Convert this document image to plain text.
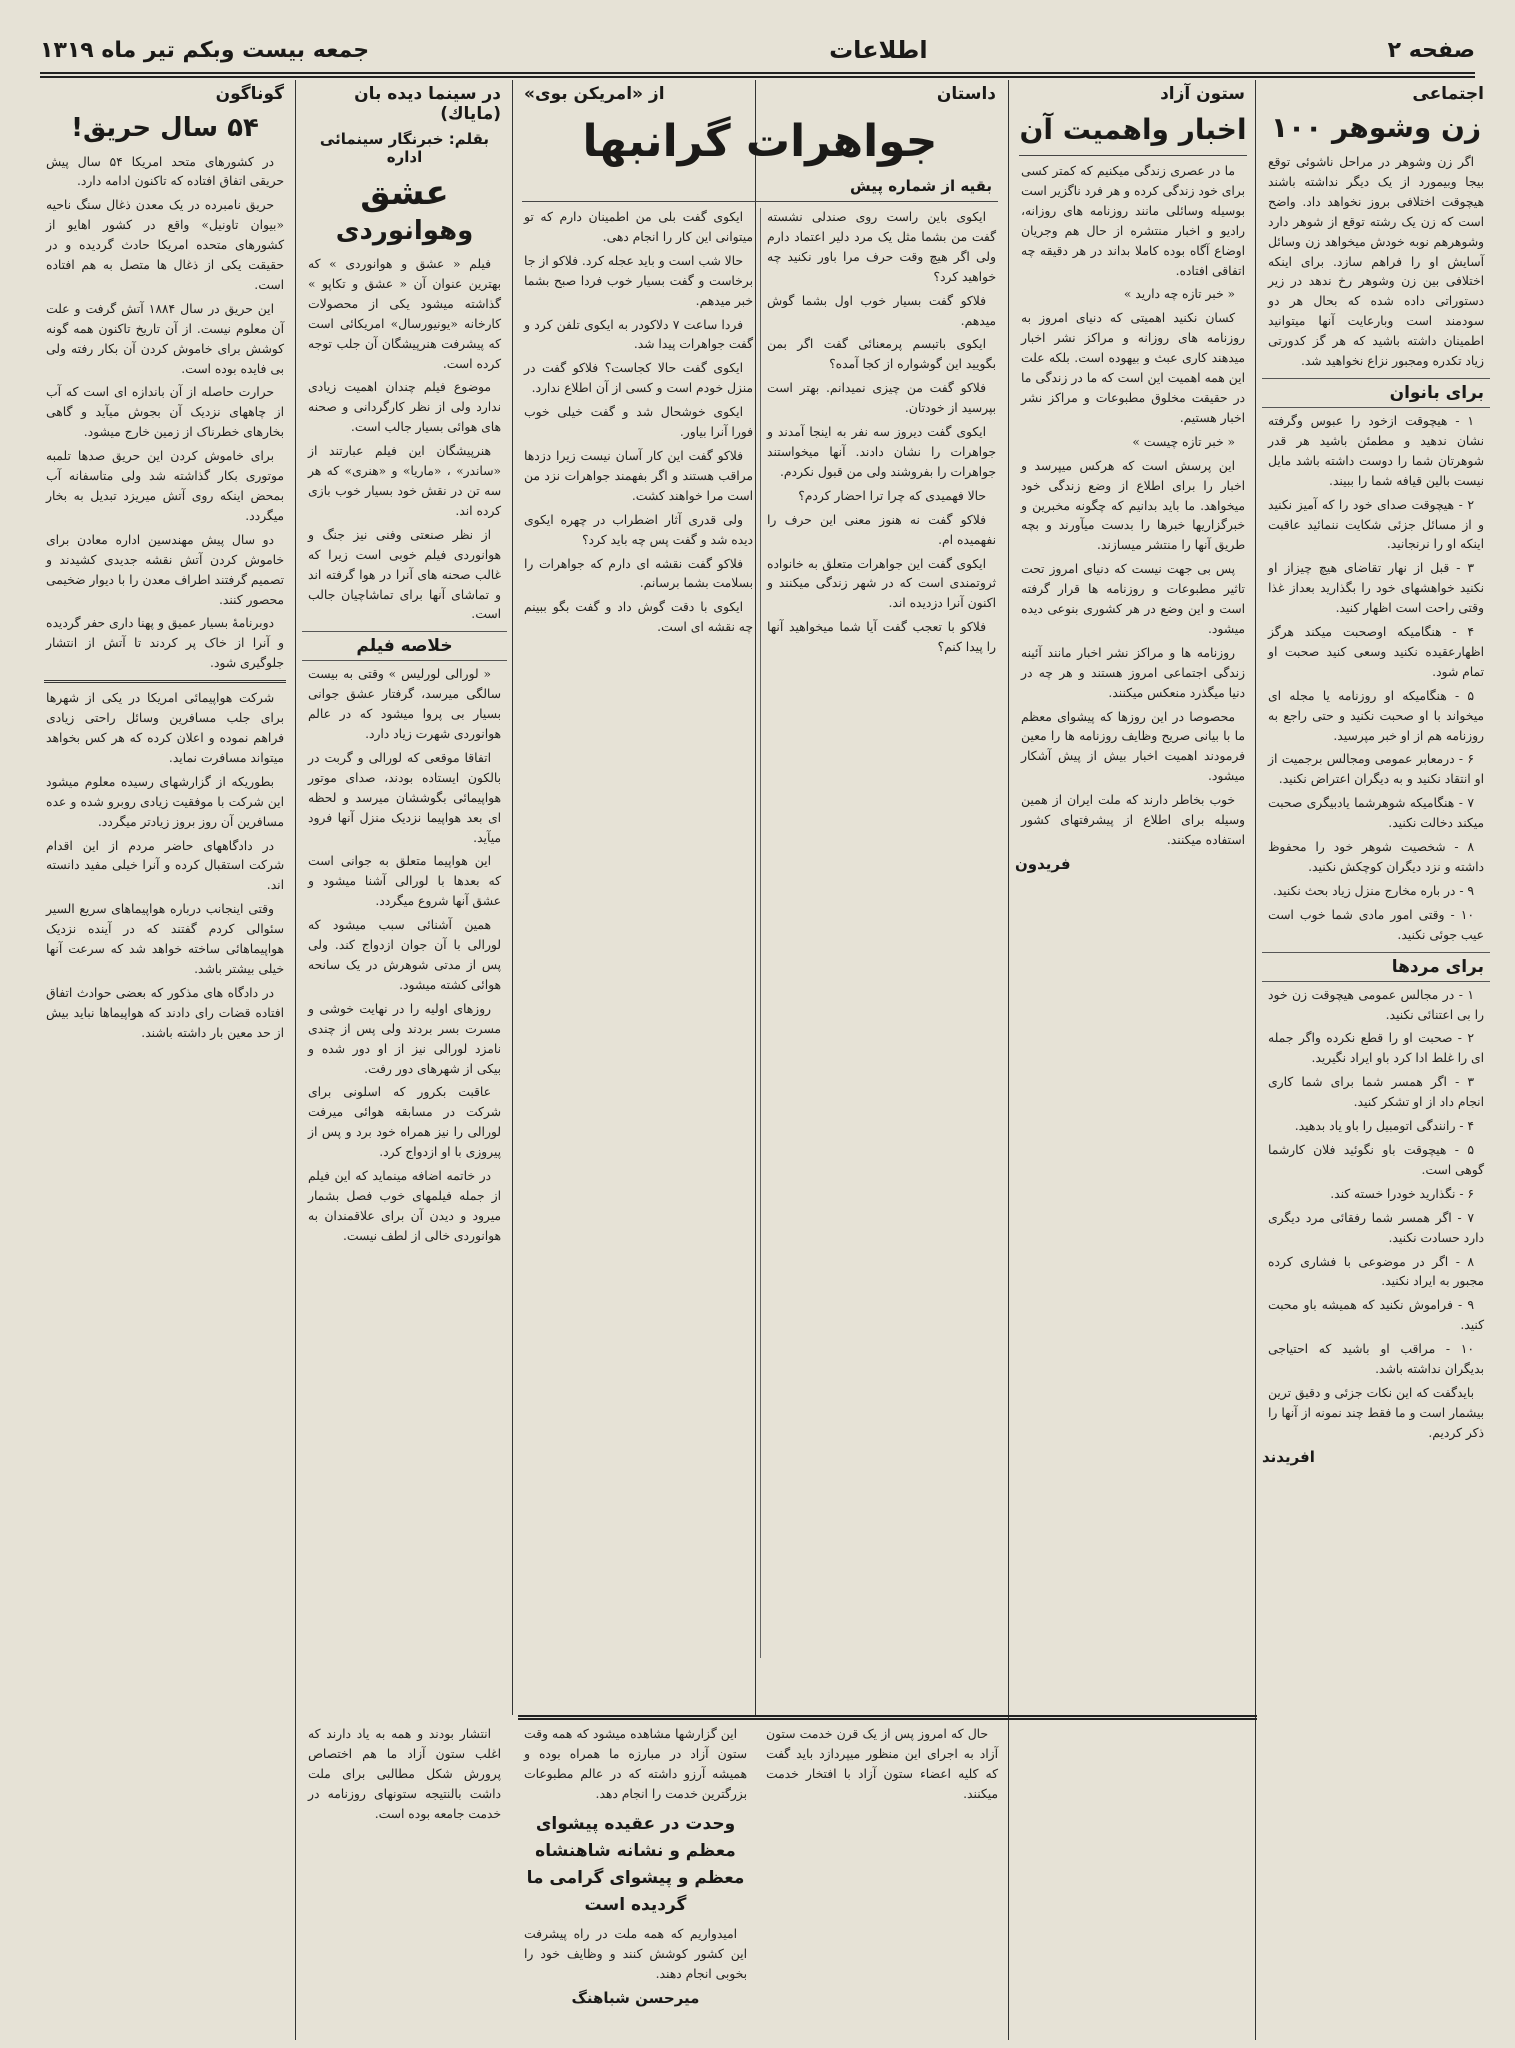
صفحه ۲
اطلاعات
جمعه بیست وبکم تیر ماه ۱۳۱۹
اجتماعی
زن وشوهر ۱۰۰

اگر زن وشوهر در مراحل ناشوئی توقع بیجا وبیمورد از یک دیگر نداشته باشند هیچوقت اختلافی بروز نخواهد داد. واضح است که زن یک رشته توقع از شوهر دارد وشوهرهم نوبه خودش میخواهد زن وسائل آسایش او را فراهم سازد. برای اینکه اختلافی بین زن وشوهر رخ ندهد در زیر دستوراتی داده شده که بحال هر دو سودمند است وبارعایت آنها میتوانید اطمینان داشته باشید که هر گز کدورتی زیاد تکدره ومجبور نزاع نخواهید شد.

برای بانوان

۱ - هیچوقت ازخود را عبوس وگرفته نشان ندهید و مطمئن باشید هر قدر شوهرتان شما را دوست داشته باشد مایل نیست بالین قیافه شما را ببیند.

۲ - هیچوقت صدای خود را که آمیز نکنید و از مسائل جزئی شکایت ننمائید عاقبت اینکه او را نرنجانید.

۳ - قبل از نهار تقاضای هیچ چیزاز او نکنید خواهشهای خود را بگذارید بعداز غذا وقتی راحت است اظهار کنید.

۴ - هنگامیکه اوصحبت میکند هرگز اظهارعقیده نکنید وسعی کنید صحبت او تمام شود.

۵ - هنگامیکه او روزنامه یا مجله ای میخواند با او صحبت نکنید و حتی راجع به روزنامه هم از او خبر مپرسید.

۶ - درمعابر عمومی ومجالس برجمیت از او انتقاد نکنید و به دیگران اعتراض نکنید.

۷ - هنگامیکه شوهرشما یادبیگری صحبت میکند دخالت نکنید.

۸ - شخصیت شوهر خود را محفوظ داشته و نزد دیگران کوچکش نکنید.

۹ - در باره مخارج منزل زیاد بحث نکنید.

۱۰ - وقتی امور مادی شما خوب است عیب جوئی نکنید.

برای مردها

۱ - در مجالس عمومی هیچوقت زن خود را بی اعتنائی نکنید.

۲ - صحبت او را قطع نکرده واگر جمله ای را غلط ادا کرد باو ایراد نگیرید.

۳ - اگر همسر شما برای شما کاری انجام داد از او تشکر کنید.

۴ - رانندگی اتومبیل را باو یاد بدهید.

۵ - هیچوقت باو نگوئید فلان کارشما گوهی است.

۶ - نگذارید خودرا خسته کند.

۷ - اگر همسر شما رفقائی مرد دیگری دارد حسادت نکنید.

۸ - اگر در موضوعی با فشاری کرده مجبور به ایراد نکنید.

۹ - فراموش نکنید که همیشه باو محبت کنید.

۱۰ - مراقب او باشید که احتیاجی بدیگران نداشته باشد.

بایدگفت که این نکات جزئی و دقیق ترین بیشمار است و ما فقط چند نمونه از آنها را ذکر کردیم.

افریدند
ستون آزاد
اخبار واهمیت آن

ما در عصری زندگی میکنیم که کمتر کسی برای خود زندگی کرده و هر فرد ناگزیر است بوسیله وسائلی مانند روزنامه های روزانه، رادیو و اخبار منتشره از حال هم وجریان اوضاع آگاه بوده کاملا بداند در هر دقیقه چه اتفاقی افتاده.

« خبر تازه چه دارید »

کسان نکنید اهمیتی که دنیای امروز به روزنامه های روزانه و مراکز نشر اخبار میدهند کاری عبث و بیهوده است. بلکه علت این همه اهمیت این است که ما در زندگی ما در حقیقت مخلوق مطبوعات و مراکز نشر اخبار هستیم.

« خبر تازه چیست »

این پرسش است که هرکس میپرسد و اخبار را برای اطلاع از وضع زندگی خود میخواهد. ما باید بدانیم که چگونه مخبرین و خبرگزاریها خبرها را بدست میآورند و بچه طریق آنها را منتشر میسازند.

پس بی جهت نیست که دنیای امروز تحت تاثیر مطبوعات و روزنامه ها قرار گرفته است و این وضع در هر کشوری بنوعی دیده میشود.

روزنامه ها و مراکز نشر اخبار مانند آئینه زندگی اجتماعی امروز هستند و هر چه در دنیا میگذرد منعکس میکنند.

محصوصا در این روزها که پیشوای معظم ما با بیانی صریح وظایف روزنامه ها را معین فرمودند اهمیت اخبار بیش از پیش آشکار میشود.

خوب بخاطر دارند که ملت ایران از همین وسیله برای اطلاع از پیشرفتهای کشور استفاده میکنند.

فریدون
داستان
از «امریکن بوی»
جواهرات گرانبها
بقیه از شماره پیش

ایکوی باین راست روی صندلی نشسته گفت من بشما مثل یک مرد دلیر اعتماد دارم ولی اگر هیچ وقت حرف مرا باور نکنید چه خواهید کرد؟

فلاکو گفت بسیار خوب اول بشما گوش میدهم.

ایکوی باتبسم پرمعنائی گفت اگر بمن بگویید این گوشواره از کجا آمده؟

فلاکو گفت من چیزی نمیدانم. بهتر است بپرسید از خودتان.

ایکوی گفت دیروز سه نفر به اینجا آمدند و جواهرات را نشان دادند. آنها میخواستند جواهرات را بفروشند ولی من قبول نکردم.

حالا فهمیدی که چرا ترا احضار کردم؟

فلاکو گفت نه هنوز معنی این حرف را نفهمیده ام.

ایکوی گفت این جواهرات متعلق به خانواده ثروتمندی است که در شهر زندگی میکنند و اکنون آنرا دزدیده اند.

فلاکو با تعجب گفت آیا شما میخواهید آنها را پیدا کنم؟

ایکوی گفت بلی من اطمینان دارم که تو میتوانی این کار را انجام دهی.

حالا شب است و باید عجله کرد. فلاکو از جا برخاست و گفت بسیار خوب فردا صبح بشما خبر میدهم.

فردا ساعت ۷ دلاکودر به ایکوی تلفن کرد و گفت جواهرات پیدا شد.

ایکوی گفت حالا کجاست؟ فلاکو گفت در منزل خودم است و کسی از آن اطلاع ندارد.

ایکوی خوشحال شد و گفت خیلی خوب فورا آنرا بیاور.

فلاکو گفت این کار آسان نیست زیرا دزدها مراقب هستند و اگر بفهمند جواهرات نزد من است مرا خواهند کشت.

ولی قدری آثار اضطراب در چهره ایکوی دیده شد و گفت پس چه باید کرد؟

فلاکو گفت نقشه ای دارم که جواهرات را بسلامت بشما برسانم.

ایکوی با دقت گوش داد و گفت بگو ببینم چه نقشه ای است.

در سینما دیده بان (مایاك)
بقلم: خبرنگار سینمائی اداره
عشق
وهوانوردی

فیلم « عشق و هوانوردی » که بهترین عنوان آن « عشق و تکاپو » گذاشته میشود یکی از محصولات کارخانه «یونیورسال» امریکائی است که پیشرفت هنرپیشگان آن جلب توجه کرده است.

موضوع فیلم چندان اهمیت زیادی ندارد ولی از نظر کارگردانی و صحنه های هوائی بسیار جالب است.

هنرپیشگان این فیلم عبارتند از «ساندر» ، «ماریا» و «هنری» که هر سه تن در نقش خود بسیار خوب بازی کرده اند.

از نظر صنعتی وفنی نیز جنگ و هوانوردی فیلم خوبی است زیرا که غالب صحنه های آنرا در هوا گرفته اند و تماشای آنها برای تماشاچیان جالب است.

خلاصه فیلم

« لورالی لورلیس » وقتی به بیست سالگی میرسد، گرفتار عشق جوانی بسیار بی پروا میشود که در عالم هوانوردی شهرت زیاد دارد.

اتفاقا موقعی که لورالی و گربت در بالکون ایستاده بودند، صدای موتور هواپیمائی بگوششان میرسد و لحظه ای بعد هواپیما نزدیک منزل آنها فرود میآید.

این هواپیما متعلق به جوانی است که بعدها با لورالی آشنا میشود و عشق آنها شروع میگردد.

همین آشنائی سبب میشود که لورالی با آن جوان ازدواج کند. ولی پس از مدتی شوهرش در یک سانحه هوائی کشته میشود.

روزهای اولیه را در نهایت خوشی و مسرت بسر بردند ولی پس از چندی نامزد لورالی نیز از او دور شده و بیکی از شهرهای دور رفت.

عاقبت بکرور که اسلونی برای شرکت در مسابقه هوائی میرفت لورالی را نیز همراه خود برد و پس از پیروزی با او ازدواج کرد.

در خاتمه اضافه مینماید که این فیلم از جمله فیلمهای خوب فصل بشمار میرود و دیدن آن برای علاقمندان به هوانوردی خالی از لطف نیست.

گوناگون
۵۴ سال حریق!

در کشورهای متحد امریکا ۵۴ سال پیش حریقی اتفاق افتاده که تاکنون ادامه دارد.

حریق نامبرده در یک معدن ذغال سنگ ناحیه «بیوان تاونیل» واقع در کشور اهایو از کشورهای متحده امریکا حادث گردیده و در حقیقت یکی از ذغال ها متصل به هم افتاده است.

این حریق در سال ۱۸۸۴ آتش گرفت و علت آن معلوم نیست. از آن تاریخ تاکنون همه گونه کوشش برای خاموش کردن آن بکار رفته ولی بی فایده بوده است.

حرارت حاصله از آن باندازه ای است که آب از چاههای نزدیک آن بجوش میآید و گاهی بخارهای خطرناک از زمین خارج میشود.

برای خاموش کردن این حریق صدها تلمبه موتوری بکار گذاشته شد ولی متاسفانه آب بمحض اینکه روی آتش میریزد تبدیل به بخار میگردد.

دو سال پیش مهندسین اداره معادن برای خاموش کردن آتش نقشه جدیدی کشیدند و تصمیم گرفتند اطراف معدن را با دیوار ضخیمی محصور کنند.

دوبرنامهٔ بسیار عمیق و پهنا داری حفر گردیده و آنرا از خاک پر کردند تا آتش از انتشار جلوگیری شود.

شرکت هواپیمائی امریکا در یکی از شهرها برای جلب مسافرین وسائل راحتی زیادی فراهم نموده و اعلان کرده که هر کس بخواهد میتواند مسافرت نماید.

بطوریکه از گزارشهای رسیده معلوم میشود این شرکت با موفقیت زیادی روبرو شده و عده مسافرین آن روز بروز زیادتر میگردد.

در دادگاههای حاضر مردم از این اقدام شرکت استقبال کرده و آنرا خیلی مفید دانسته اند.

وقتی اینجانب درباره هواپیماهای سریع السیر سئوالی کردم گفتند که در آینده نزدیک هواپیماهائی ساخته خواهد شد که سرعت آنها خیلی بیشتر باشد.

در دادگاه های مذکور که بعضی حوادث اتفاق افتاده قضات رای دادند که هواپیماها نباید بیش از حد معین بار داشته باشند.

حال که امروز پس از یک قرن خدمت ستون آزاد به اجرای این منظور میپردازد باید گفت که کلیه اعضاء ستون آزاد با افتخار خدمت میکنند.

این گزارشها مشاهده میشود که همه وقت ستون آزاد در مبارزه ما همراه بوده و همیشه آرزو داشته که در عالم مطبوعات بزرگترین خدمت را انجام دهد.

وحدت در عقیده پیشوای معظم و نشانه شاهنشاه معظم و پیشوای گرامی ما گردیده است

امیدواریم که همه ملت در راه پیشرفت این کشور کوشش کنند و وظایف خود را بخوبی انجام دهند.

میرحسن شباهنگ

انتشار بودند و همه به یاد دارند که اغلب ستون آزاد ما هم اختصاص پرورش شکل مطالبی برای ملت داشت بالنتیجه ستونهای روزنامه در خدمت جامعه بوده است.
